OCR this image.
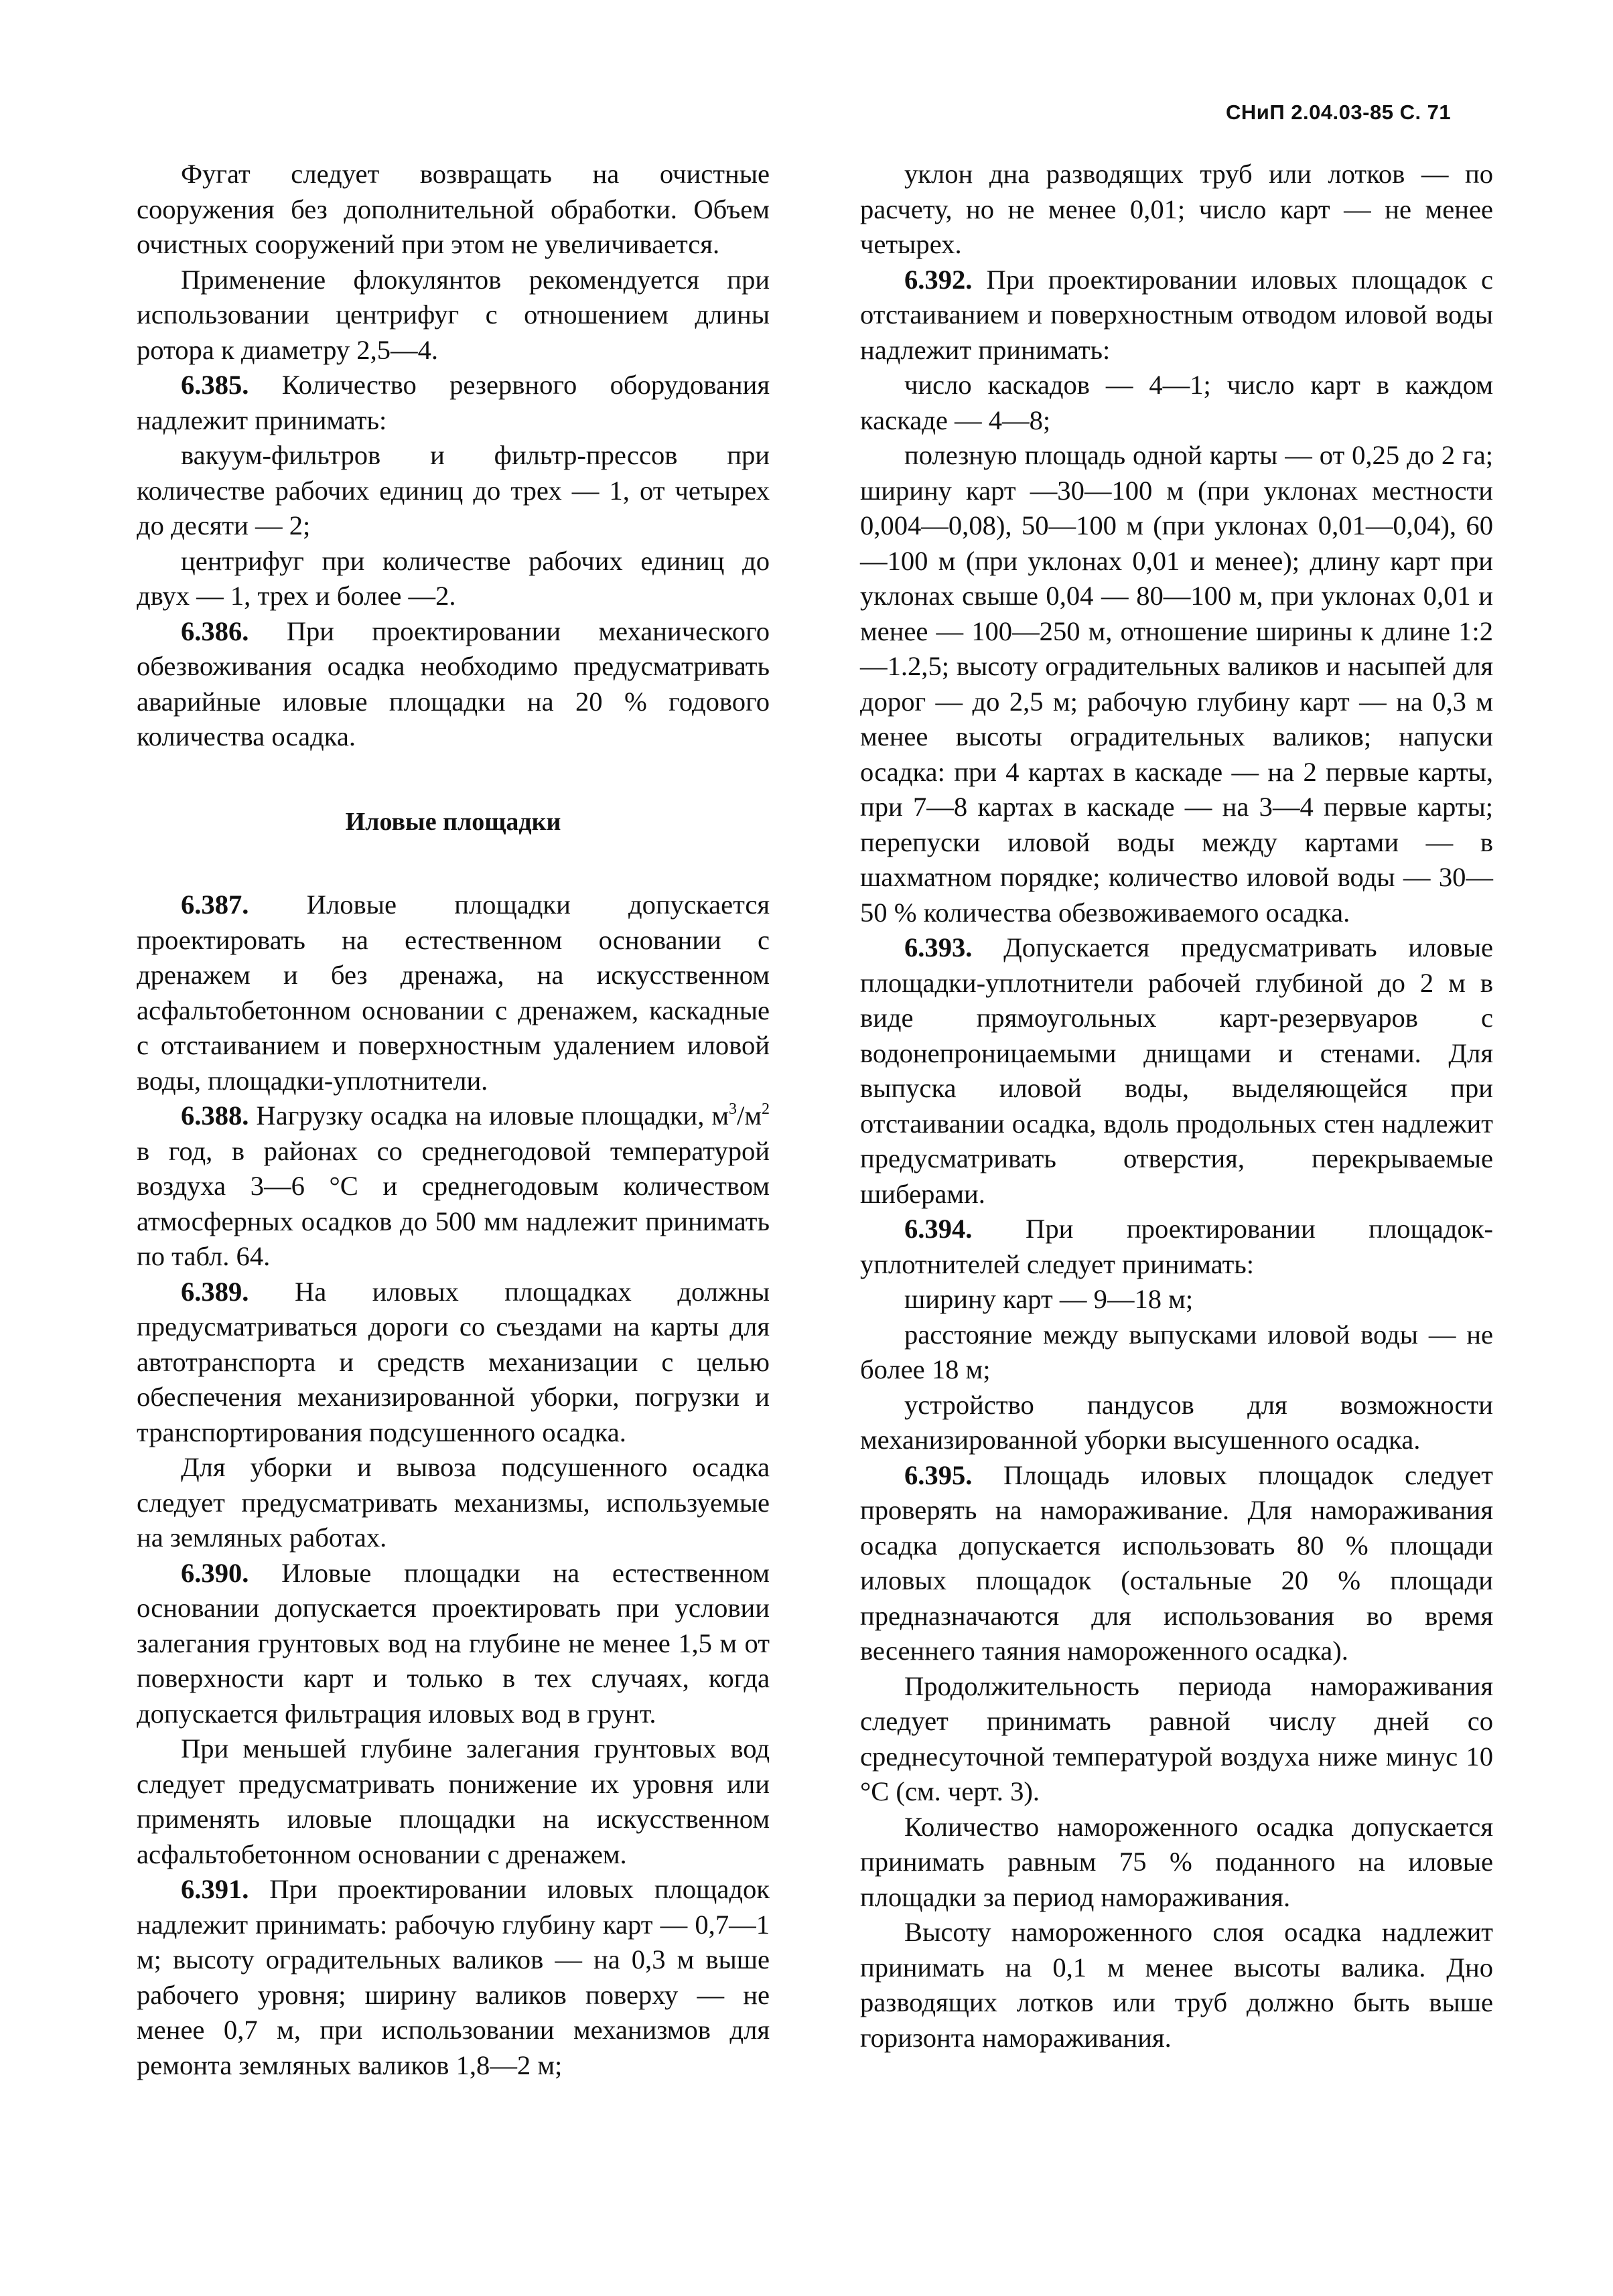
СНиП 2.04.03-85 С. 71

Фугат следует возвращать на очистные сооружения без дополнительной обработки. Объем очистных сооружений при этом не увеличивается.

Применение флокулянтов рекомендуется при использовании центрифуг с отношением длины ротора к диаметру 2,5—4.

6.385. Количество резервного оборудования надлежит принимать:

вакуум-фильтров и фильтр-прессов при количестве рабочих единиц до трех — 1, от четырех до десяти — 2;

центрифуг при количестве рабочих единиц до двух — 1, трех и более —2.

6.386. При проектировании механического обезвоживания осадка необходимо предусматривать аварийные иловые площадки на 20 % годового количества осадка.

Иловые площадки

6.387. Иловые площадки допускается проектировать на естественном основании с дренажем и без дренажа, на искусственном асфальтобетонном основании с дренажем, каскадные с отстаиванием и поверхностным удалением иловой воды, площадки-уплотнители.

6.388. Нагрузку осадка на иловые площадки, $м^3/м^2$ в год, в районах со среднегодовой температурой воздуха 3—6 °С и среднегодовым количеством атмосферных осадков до 500 мм надлежит принимать по табл. 64.

6.389. На иловых площадках должны предусматриваться дороги со съездами на карты для автотранспорта и средств механизации с целью обеспечения механизированной уборки, погрузки и транспортирования подсушенного осадка.

Для уборки и вывоза подсушенного осадка следует предусматривать механизмы, используемые на земляных работах.

6.390. Иловые площадки на естественном основании допускается проектировать при условии залегания грунтовых вод на глубине не менее 1,5 м от поверхности карт и только в тех случаях, когда допускается фильтрация иловых вод в грунт.

При меньшей глубине залегания грунтовых вод следует предусматривать понижение их уровня или применять иловые площадки на искусственном асфальтобетонном основании с дренажем.

6.391. При проектировании иловых площадок надлежит принимать: рабочую глубину карт — 0,7—1 м; высоту оградительных валиков — на 0,3 м выше рабочего уровня; ширину валиков поверху — не менее 0,7 м, при использовании механизмов для ремонта земляных валиков 1,8—2 м;

уклон дна разводящих труб или лотков — по расчету, но не менее 0,01; число карт — не менее четырех.

6.392. При проектировании иловых площадок с отстаиванием и поверхностным отводом иловой воды надлежит принимать:

число каскадов — 4—1; число карт в каждом каскаде — 4—8;

полезную площадь одной карты — от 0,25 до 2 га; ширину карт —30—100 м (при уклонах местности 0,004—0,08), 50—100 м (при уклонах 0,01—0,04), 60—100 м (при уклонах 0,01 и менее); длину карт при уклонах свыше 0,04 — 80—100 м, при уклонах 0,01 и менее — 100—250 м, отношение ширины к длине 1:2—1.2,5; высоту оградительных валиков и насыпей для дорог — до 2,5 м; рабочую глубину карт — на 0,3 м менее высоты оградительных валиков; напуски осадка: при 4 картах в каскаде — на 2 первые карты, при 7—8 картах в каскаде — на 3—4 первые карты; перепуски иловой воды между картами — в шахматном порядке; количество иловой воды — 30—50 % количества обезвоживаемого осадка.

6.393. Допускается предусматривать иловые площадки-уплотнители рабочей глубиной до 2 м в виде прямоугольных карт-резервуаров с водонепроницаемыми днищами и стенами. Для выпуска иловой воды, выделяющейся при отстаивании осадка, вдоль продольных стен надлежит предусматривать отверстия, перекрываемые шиберами.

6.394. При проектировании площадок-уплотнителей следует принимать:

ширину карт — 9—18 м;

расстояние между выпусками иловой воды — не более 18 м;

устройство пандусов для возможности механизированной уборки высушенного осадка.

6.395. Площадь иловых площадок следует проверять на намораживание. Для намораживания осадка допускается использовать 80 % площади иловых площадок (остальные 20 % площади предназначаются для использования во время весеннего таяния намороженного осадка).

Продолжительность периода намораживания следует принимать равной числу дней со среднесуточной температурой воздуха ниже минус 10 °С (см. черт. 3).

Количество намороженного осадка допускается принимать равным 75 % поданного на иловые площадки за период намораживания.

Высоту намороженного слоя осадка надлежит принимать на 0,1 м менее высоты валика. Дно разводящих лотков или труб должно быть выше горизонта намораживания.
